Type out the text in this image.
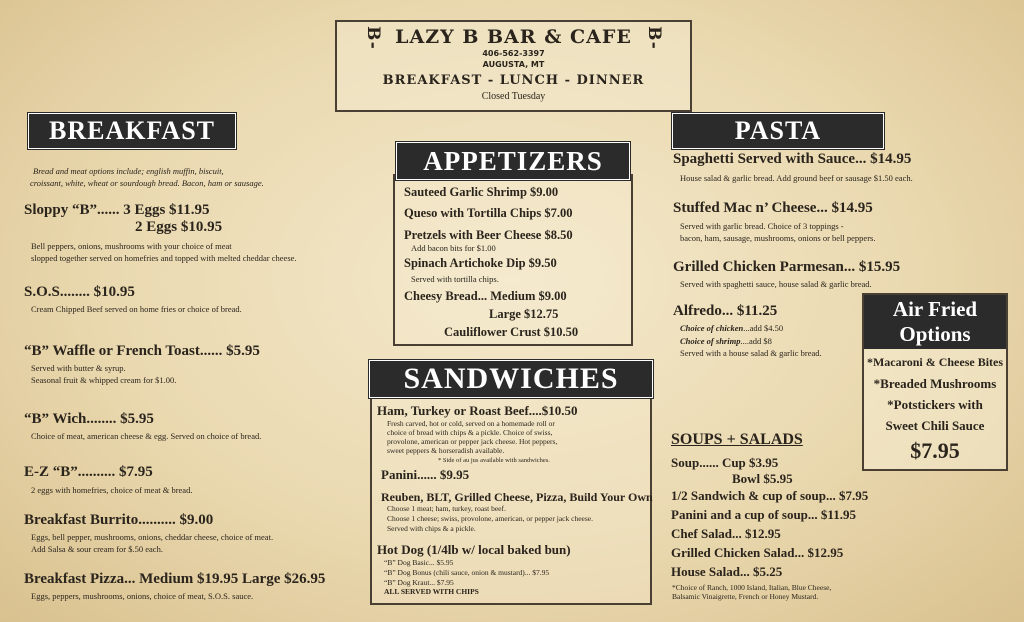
B- LAZY B BAR & CAFE B-
406-562-3397
AUGUSTA, MT
BREAKFAST - LUNCH - DINNER
Closed Tuesday
BREAKFAST
Bread and meat options include; english muffin, biscuit,
croissant, white, wheat or sourdough bread. Bacon, ham or sausage.
Sloppy “B”...... 3 Eggs $11.95
2 Eggs $10.95
Bell peppers, onions, mushrooms with your choice of meat
slopped together served on homefries and topped with melted cheddar cheese.
S.O.S........ $10.95
Cream Chipped Beef served on home fries or choice of bread.
“B” Waffle or French Toast...... $5.95
Served with butter & syrup.
Seasonal fruit & whipped cream for $1.00.
“B” Wich........ $5.95
Choice of meat, american cheese & egg. Served on choice of bread.
E-Z “B”.......... $7.95
2 eggs with homefries, choice of meat & bread.
Breakfast Burrito.......... $9.00
Eggs, bell pepper, mushrooms, onions, cheddar cheese, choice of meat.
Add Salsa & sour cream for $.50 each.
Breakfast Pizza... Medium $19.95 Large $26.95
Eggs, peppers, mushrooms, onions, choice of meat, S.O.S. sauce.
APPETIZERS
Sauteed Garlic Shrimp $9.00
Queso with Tortilla Chips $7.00
Pretzels with Beer Cheese $8.50
Add bacon bits for $1.00
Spinach Artichoke Dip $9.50
Served with tortilla chips.
Cheesy Bread... Medium $9.00
Large $12.75
Cauliflower Crust $10.50
SANDWICHES
Ham, Turkey or Roast Beef....$10.50
Fresh carved, hot or cold, served on a homemade roll or
choice of bread with chips & a pickle. Choice of swiss,
provolone, american or pepper jack cheese. Hot peppers,
sweet peppers & horseradish available.
* Side of au jus available with sandwiches.
Panini...... $9.95
Reuben, BLT, Grilled Cheese, Pizza, Build Your Own
Choose 1 meat; ham, turkey, roast beef.
Choose 1 cheese; swiss, provolone, american, or pepper jack cheese.
Served with chips & a pickle.
Hot Dog (1/4lb w/ local baked bun)
“B” Dog Basic... $5.95
“B” Dog Bonus (chili sauce, onion & mustard)... $7.95
“B” Dog Kraut... $7.95
ALL SERVED WITH CHIPS
PASTA
Spaghetti Served with Sauce... $14.95
House salad & garlic bread. Add ground beef or sausage $1.50 each.
Stuffed Mac n’ Cheese... $14.95
Served with garlic bread. Choice of 3 toppings -
bacon, ham, sausage, mushrooms, onions or bell peppers.
Grilled Chicken Parmesan... $15.95
Served with spaghetti sauce, house salad & garlic bread.
Alfredo... $11.25
Choice of chicken...add $4.50
Choice of shrimp....add $8
Served with a house salad & garlic bread.
Air Fried
Options
*Macaroni & Cheese Bites
*Breaded Mushrooms
*Potstickers with
Sweet Chili Sauce
$7.95
SOUPS + SALADS
Soup...... Cup $3.95
Bowl $5.95
1/2 Sandwich & cup of soup... $7.95
Panini and a cup of soup... $11.95
Chef Salad... $12.95
Grilled Chicken Salad... $12.95
House Salad... $5.25
*Choice of Ranch, 1000 Island, Italian, Blue Cheese,
Balsamic Vinaigrette, French or Honey Mustard.
